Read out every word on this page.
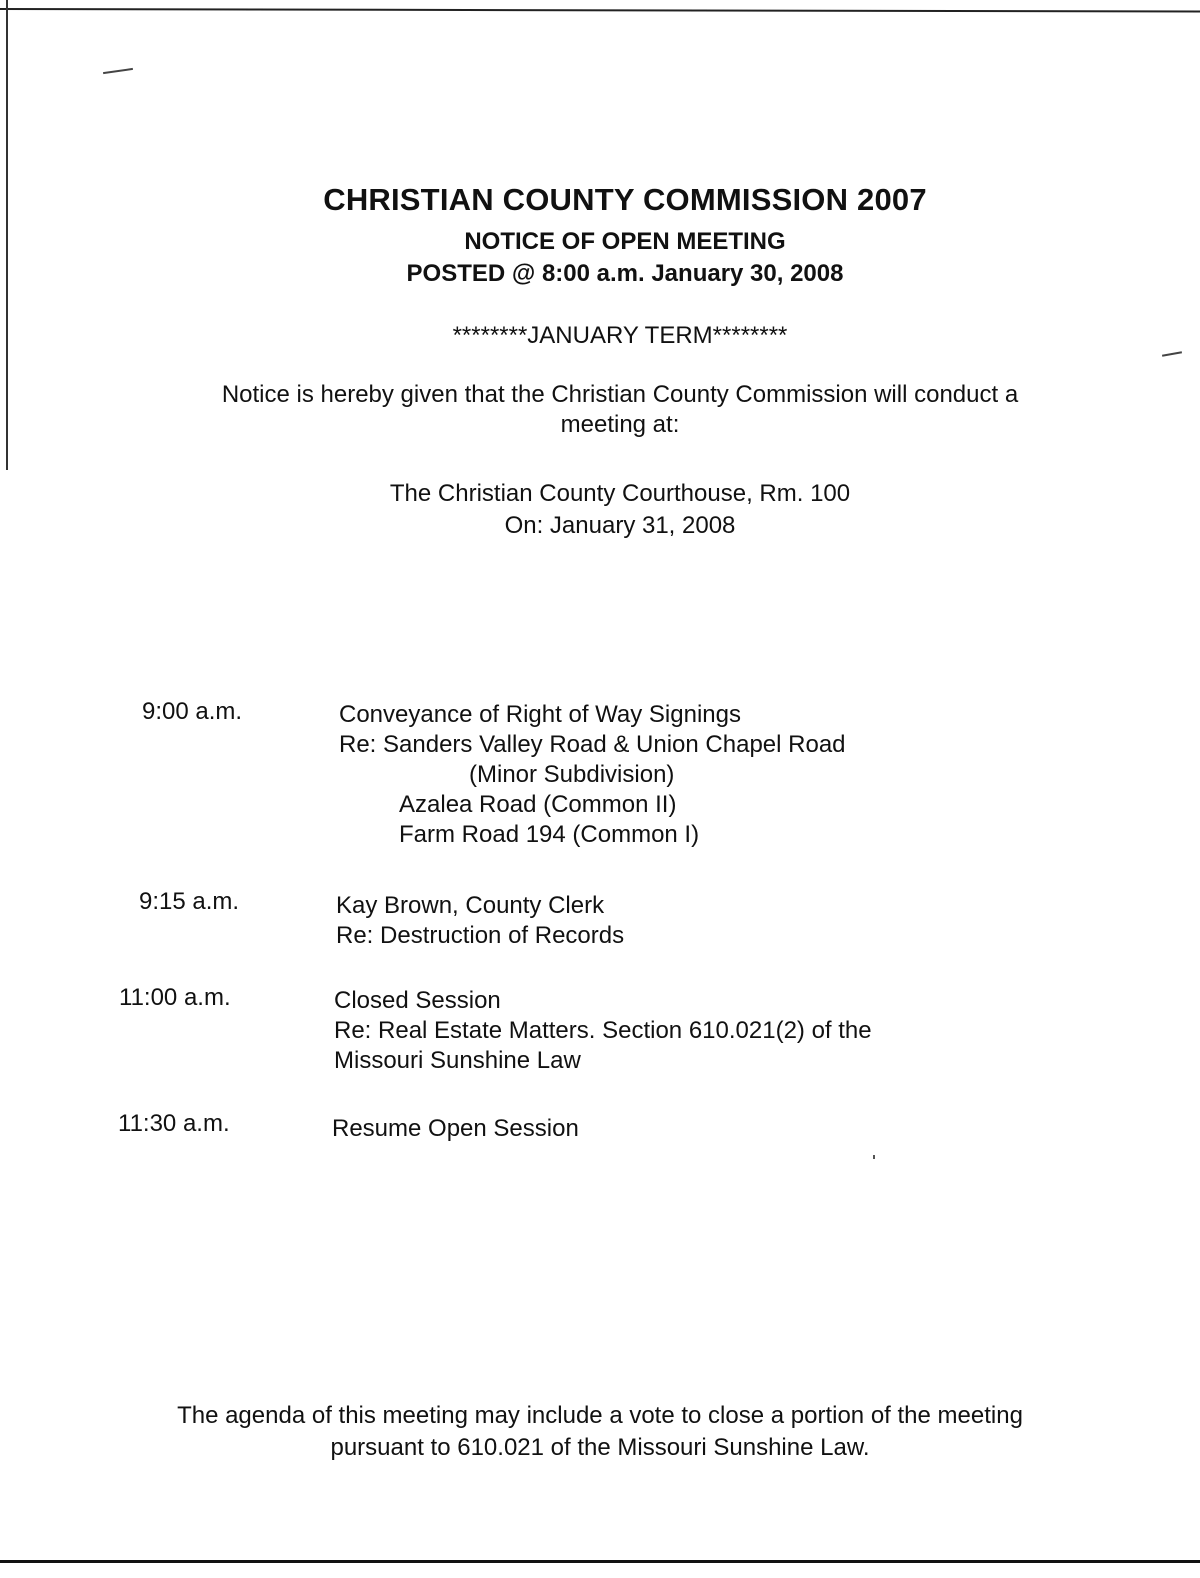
CHRISTIAN COUNTY COMMISSION 2007
NOTICE OF OPEN MEETING
POSTED @ 8:00 a.m. January 30, 2008
********JANUARY TERM********
Notice is hereby given that the Christian County Commission will conduct a
meeting at:
The Christian County Courthouse, Rm. 100
On: January 31, 2008
9:00 a.m.	Conveyance of Right of Way Signings
Re: Sanders Valley Road & Union Chapel Road
(Minor Subdivision)
Azalea Road (Common II)
Farm Road 194 (Common I)
9:15 a.m.	Kay Brown, County Clerk
Re: Destruction of Records
11:00 a.m.	Closed Session
Re: Real Estate Matters. Section 610.021(2) of the
Missouri Sunshine Law
11:30 a.m.	Resume Open Session
The agenda of this meeting may include a vote to close a portion of the meeting
pursuant to 610.021 of the Missouri Sunshine Law.
